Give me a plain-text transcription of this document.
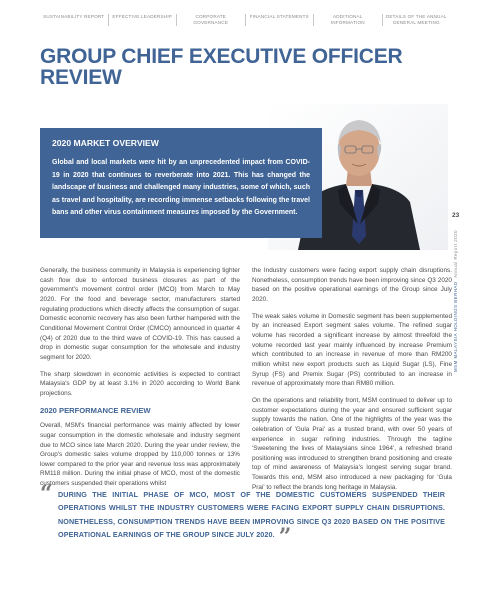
SUSTAINABILITY REPORT	EFFECTIVE LEADERSHIP	CORPORATE GOVERNANCE
FINANCIAL STATEMENTS	ADDITIONAL INFORMATION
DETAILS OF THE ANNUAL GENERAL MEETING
GROUP CHIEF EXECUTIVE OFFICER
REVIEW
2020 MARKET OVERVIEW

Global and local markets were hit by an unprecedented impact from COVID-19 in 2020 that continues to reverberate into 2021. This has changed the landscape of business and challenged many industries, some of which, such as travel and hospitality, are recording immense setbacks following the travel bans and other virus containment measures imposed by the Government.	23
MSM MALAYSIA HOLDINGS BERHAD  Annual Report 2020

Generally, the business community in Malaysia is experiencing tighter cash flow due to enforced business closures as part of the government's movement control order (MCO) from March to May 2020. For the food and beverage sector, manufacturers started regulating productions which directly affects the consumption of sugar. Domestic economic recovery has also been further hampered with the Conditional Movement Control Order (CMCO) announced in quarter 4 (Q4) of 2020 due to the third wave of COVID-19. This has caused a drop in domestic sugar consumption for the wholesale and industry segment for 2020.

The sharp slowdown in economic activities is expected to contract Malaysia's GDP by at least 3.1% in 2020 according to World Bank projections.

2020 PERFORMANCE REVIEW

Overall, MSM's financial performance was mainly affected by lower sugar consumption in the domestic wholesale and industry segment due to MCO since late March 2020. During the year under review, the Group's domestic sales volume dropped by 110,000 tonnes or 13% lower compared to the prior year and revenue loss was approximately RM118 million. During the initial phase of MCO, most of the domestic customers suspended their operations whilst

the Industry customers were facing export supply chain disruptions. Nonetheless, consumption trends have been improving since Q3 2020 based on the positive operational earnings of the Group since July 2020.

The weak sales volume in Domestic segment has been supplemented by an increased Export segment sales volume. The refined sugar volume has recorded a significant increase by almost threefold the volume recorded last year mainly influenced by increase Premium which contributed to an increase in revenue of more than RM200 million whilst new export products such as Liquid Sugar (LS), Fine Syrup (FS) and Premix Sugar (PS) contributed to an increase in revenue of approximately more than RM80 million.

On the operations and reliability front, MSM continued to deliver up to customer expectations during the year and ensured sufficient sugar supply towards the nation. One of the highlights of the year was the celebration of 'Gula Prai' as a trusted brand, with over 50 years of experience in sugar refining industries. Through the tagline 'Sweetening the lives of Malaysians since 1964', a refreshed brand positioning was introduced to strengthen brand positioning and create top of mind awareness of Malaysia's longest serving sugar brand. Towards this end, MSM also introduced a new packaging for 'Gula Prai' to reflect the brands long heritage in Malaysia.

“ DURING THE INITIAL PHASE OF MCO, MOST OF THE DOMESTIC CUSTOMERS SUSPENDED THEIR OPERATIONS WHILST THE INDUSTRY CUSTOMERS WERE FACING EXPORT SUPPLY CHAIN DISRUPTIONS. NONETHELESS, CONSUMPTION TRENDS HAVE BEEN IMPROVING SINCE Q3 2020 BASED ON THE POSITIVE OPERATIONAL EARNINGS OF THE GROUP SINCE JULY 2020. ”
